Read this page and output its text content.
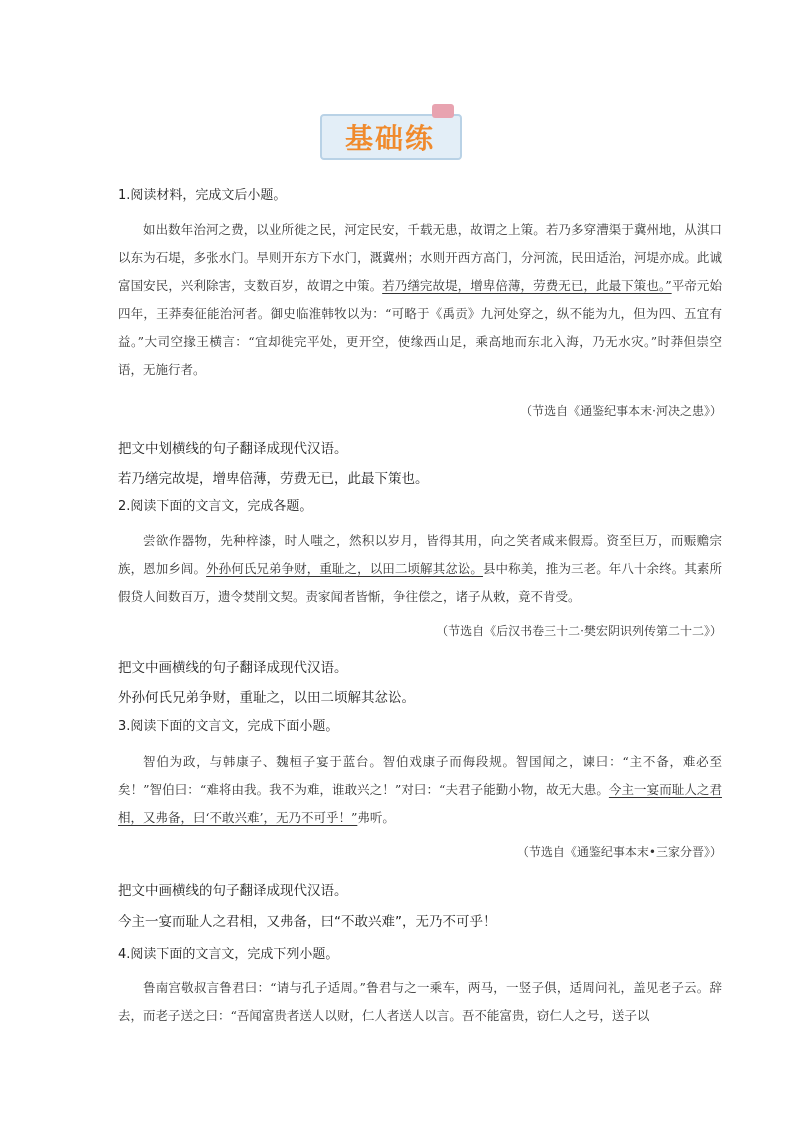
基础练
1.阅读材料，完成文后小题。
如出数年治河之费，以业所徙之民，河定民安，千载无患，故谓之上策。若乃多穿漕渠于冀州地，从淇口以东为石堤，多张水门。旱则开东方下水门，溉冀州；水则开西方高门，分河流，民田适治，河堤亦成。此诚富国安民，兴利除害，支数百岁，故谓之中策。若乃缮完故堤，增卑倍薄，劳费无已，此最下策也。”平帝元始四年，王莽奏征能治河者。御史临淮韩牧以为：“可略于《禹贡》九河处穿之，纵不能为九，但为四、五宜有益。”大司空掾王横言：“宜却徙完平处，更开空，使缘西山足，乘高地而东北入海，乃无水灾。”时莽但崇空语，无施行者。
（节选自《通鉴纪事本末·河决之患》）
把文中划横线的句子翻译成现代汉语。
若乃缮完故堤，增卑倍薄，劳费无已，此最下策也。
2.阅读下面的文言文，完成各题。
尝欲作器物，先种梓漆，时人嗤之，然积以岁月，皆得其用，向之笑者咸来假焉。资至巨万，而赈赡宗族，恩加乡闾。外孙何氏兄弟争财，重耻之，以田二顷解其忿讼。县中称美，推为三老。年八十余终。其素所假贷人间数百万，遗令焚削文契。责家闻者皆惭，争往偿之，诸子从敕，竟不肯受。
（节选自《后汉书卷三十二·樊宏阴识列传第二十二》）
把文中画横线的句子翻译成现代汉语。
外孙何氏兄弟争财，重耻之，以田二顷解其忿讼。
3.阅读下面的文言文，完成下面小题。
智伯为政，与韩康子、魏桓子宴于蓝台。智伯戏康子而侮段规。智国闻之，谏曰：“主不备，难必至矣！”智伯曰：“难将由我。我不为难，谁敢兴之！”对曰：“夫君子能勤小物，故无大患。今主一宴而耻人之君相，又弗备，曰‘不敢兴难’，无乃不可乎！”弗听。
（节选自《通鉴纪事本末•三家分晋》）
把文中画横线的句子翻译成现代汉语。
今主一宴而耻人之君相，又弗备，曰“不敢兴难”，无乃不可乎！
4.阅读下面的文言文，完成下列小题。
鲁南宫敬叔言鲁君曰：“请与孔子适周。”鲁君与之一乘车，两马，一竖子俱，适周问礼，盖见老子云。辞去，而老子送之曰：“吾闻富贵者送人以财，仁人者送人以言。吾不能富贵，窃仁人之号，送子以
